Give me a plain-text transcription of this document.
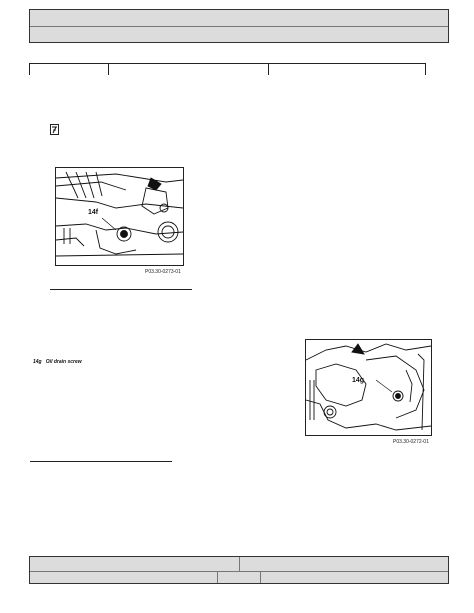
14f
P03.30-0273-01
14g Oil drain screw
14g
P03.30-0272-01
